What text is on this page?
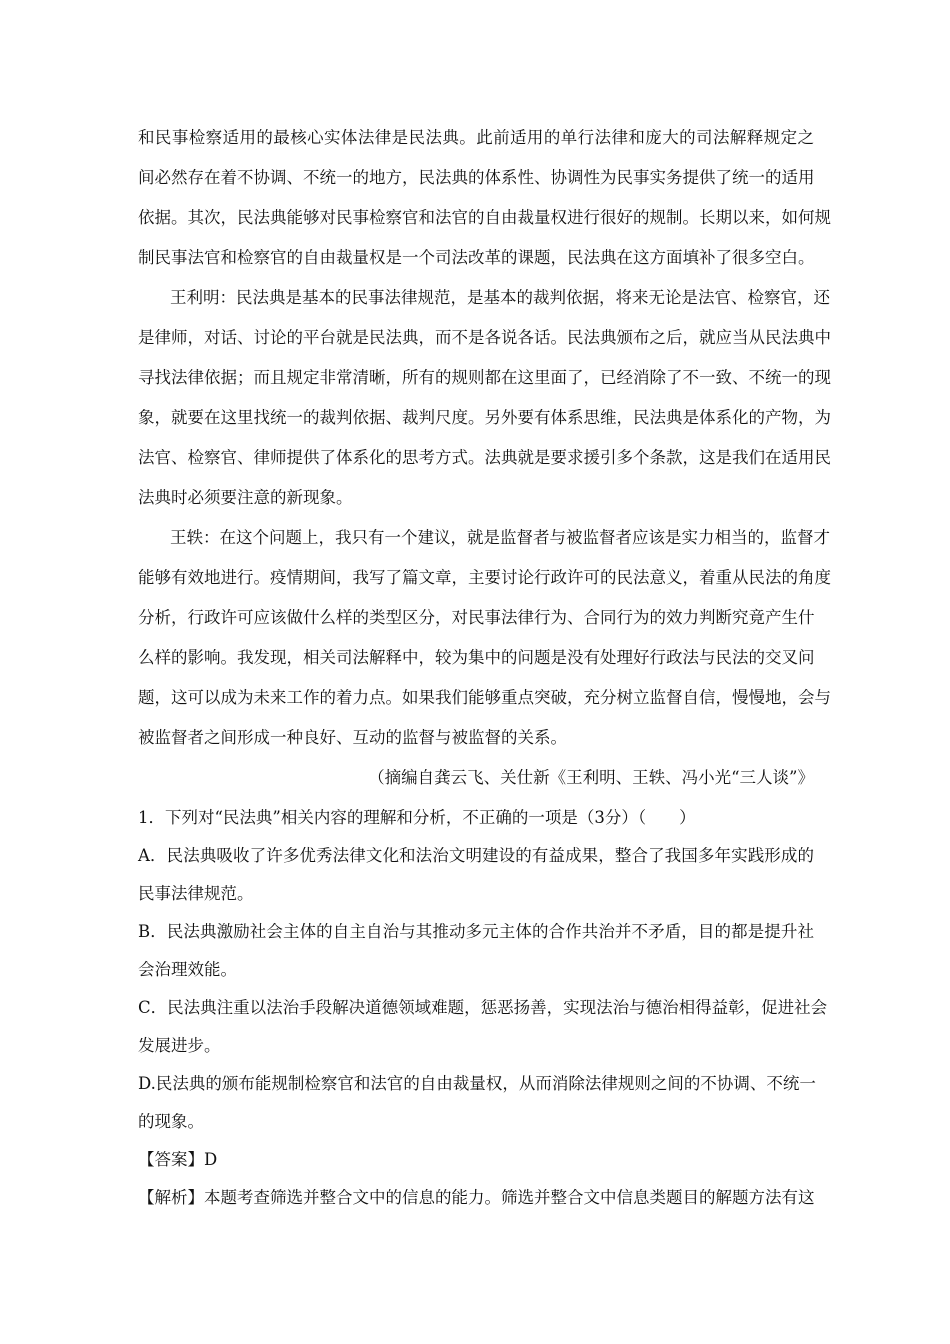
和民事检察适用的最核心实体法律是民法典。此前适用的单行法律和庞大的司法解释规定之
间必然存在着不协调、不统一的地方，民法典的体系性、协调性为民事实务提供了统一的适用
依据。其次，民法典能够对民事检察官和法官的自由裁量权进行很好的规制。长期以来，如何规
制民事法官和检察官的自由裁量权是一个司法改革的课题，民法典在这方面填补了很多空白。
王利明：民法典是基本的民事法律规范，是基本的裁判依据，将来无论是法官、检察官，还
是律师，对话、讨论的平台就是民法典，而不是各说各话。民法典颁布之后，就应当从民法典中
寻找法律依据；而且规定非常清晰，所有的规则都在这里面了，已经消除了不一致、不统一的现
象，就要在这里找统一的裁判依据、裁判尺度。另外要有体系思维，民法典是体系化的产物，为
法官、检察官、律师提供了体系化的思考方式。法典就是要求援引多个条款，这是我们在适用民
法典时必须要注意的新现象。
王轶：在这个问题上，我只有一个建议，就是监督者与被监督者应该是实力相当的，监督才
能够有效地进行。疫情期间，我写了篇文章，主要讨论行政许可的民法意义，着重从民法的角度
分析，行政许可应该做什么样的类型区分，对民事法律行为、合同行为的效力判断究竟产生什
么样的影响。我发现，相关司法解释中，较为集中的问题是没有处理好行政法与民法的交叉问
题，这可以成为未来工作的着力点。如果我们能够重点突破，充分树立监督自信，慢慢地，会与
被监督者之间形成一种良好、互动的监督与被监督的关系。
（摘编自龚云飞、关仕新《王利明、王轶、冯小光“三人谈”》
1．下列对“民法典”相关内容的理解和分析，不正确的一项是（3分）（　　）
A．民法典吸收了许多优秀法律文化和法治文明建设的有益成果，整合了我国多年实践形成的
民事法律规范。
B．民法典激励社会主体的自主自治与其推动多元主体的合作共治并不矛盾，目的都是提升社
会治理效能。
C．民法典注重以法治手段解决道德领域难题，惩恶扬善，实现法治与德治相得益彰，促进社会
发展进步。
D.民法典的颁布能规制检察官和法官的自由裁量权，从而消除法律规则之间的不协调、不统一
的现象。
【答案】D
【解析】本题考查筛选并整合文中的信息的能力。筛选并整合文中信息类题目的解题方法有这
